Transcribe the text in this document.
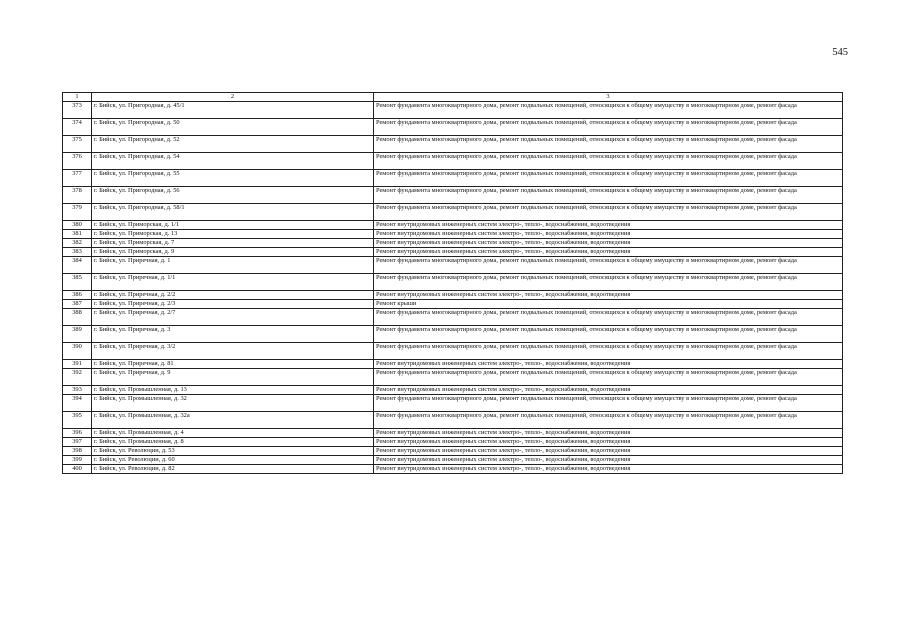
545
1	2	3
373	г. Бийск, ул. Пригородная, д. 45/1	Ремонт фундамента многоквартирного дома, ремонт подвальных помещений, относящихся к общему имуществу в многоквартирном доме, ремонт фасада
374	г. Бийск, ул. Пригородная, д. 50	Ремонт фундамента многоквартирного дома, ремонт подвальных помещений, относящихся к общему имуществу в многоквартирном доме, ремонт фасада
375	г. Бийск, ул. Пригородная, д. 52	Ремонт фундамента многоквартирного дома, ремонт подвальных помещений, относящихся к общему имуществу в многоквартирном доме, ремонт фасада
376	г. Бийск, ул. Пригородная, д. 54	Ремонт фундамента многоквартирного дома, ремонт подвальных помещений, относящихся к общему имуществу в многоквартирном доме, ремонт фасада
377	г. Бийск, ул. Пригородная, д. 55	Ремонт фундамента многоквартирного дома, ремонт подвальных помещений, относящихся к общему имуществу в многоквартирном доме, ремонт фасада
378	г. Бийск, ул. Пригородная, д. 56	Ремонт фундамента многоквартирного дома, ремонт подвальных помещений, относящихся к общему имуществу в многоквартирном доме, ремонт фасада
379	г. Бийск, ул. Пригородная, д. 58/1	Ремонт фундамента многоквартирного дома, ремонт подвальных помещений, относящихся к общему имуществу в многоквартирном доме, ремонт фасада
380	г. Бийск, ул. Приморская, д. 1/1	Ремонт внутридомовых инженерных систем электро-, тепло-, водоснабжения, водоотведения
381	г. Бийск, ул. Приморская, д. 13	Ремонт внутридомовых инженерных систем электро-, тепло-, водоснабжения, водоотведения
382	г. Бийск, ул. Приморская, д. 7	Ремонт внутридомовых инженерных систем электро-, тепло-, водоснабжения, водоотведения
383	г. Бийск, ул. Приморская, д. 9	Ремонт внутридомовых инженерных систем электро-, тепло-, водоснабжения, водоотведения
384	г. Бийск, ул. Приречная, д. 1	Ремонт фундамента многоквартирного дома, ремонт подвальных помещений, относящихся к общему имуществу в многоквартирном доме, ремонт фасада
385	г. Бийск, ул. Приречная, д. 1/1	Ремонт фундамента многоквартирного дома, ремонт подвальных помещений, относящихся к общему имуществу в многоквартирном доме, ремонт фасада
386	г. Бийск, ул. Приречная, д. 2/2	Ремонт внутридомовых инженерных систем электро-, тепло-, водоснабжения, водоотведения
387	г. Бийск, ул. Приречная, д. 2/3	Ремонт крыши
388	г. Бийск, ул. Приречная, д. 2/7	Ремонт фундамента многоквартирного дома, ремонт подвальных помещений, относящихся к общему имуществу в многоквартирном доме, ремонт фасада
389	г. Бийск, ул. Приречная, д. 3	Ремонт фундамента многоквартирного дома, ремонт подвальных помещений, относящихся к общему имуществу в многоквартирном доме, ремонт фасада
390	г. Бийск, ул. Приречная, д. 3/2	Ремонт фундамента многоквартирного дома, ремонт подвальных помещений, относящихся к общему имуществу в многоквартирном доме, ремонт фасада
391	г. Бийск, ул. Приречная, д. 81	Ремонт внутридомовых инженерных систем электро-, тепло-, водоснабжения, водоотведения
392	г. Бийск, ул. Приречная, д. 9	Ремонт фундамента многоквартирного дома, ремонт подвальных помещений, относящихся к общему имуществу в многоквартирном доме, ремонт фасада
393	г. Бийск, ул. Промышленная, д. 13	Ремонт внутридомовых инженерных систем электро-, тепло-, водоснабжения, водоотведения
394	г. Бийск, ул. Промышленная, д. 32	Ремонт фундамента многоквартирного дома, ремонт подвальных помещений, относящихся к общему имуществу в многоквартирном доме, ремонт фасада
395	г. Бийск, ул. Промышленная, д. 32а	Ремонт фундамента многоквартирного дома, ремонт подвальных помещений, относящихся к общему имуществу в многоквартирном доме, ремонт фасада
396	г. Бийск, ул. Промышленная, д. 4	Ремонт внутридомовых инженерных систем электро-, тепло-, водоснабжения, водоотведения
397	г. Бийск, ул. Промышленная, д. 8	Ремонт внутридомовых инженерных систем электро-, тепло-, водоснабжения, водоотведения
398	г. Бийск, ул. Революции, д. 53	Ремонт внутридомовых инженерных систем электро-, тепло-, водоснабжения, водоотведения
399	г. Бийск, ул. Революции, д. 60	Ремонт внутридомовых инженерных систем электро-, тепло-, водоснабжения, водоотведения
400	г. Бийск, ул. Революции, д. 82	Ремонт внутридомовых инженерных систем электро-, тепло-, водоснабжения, водоотведения
